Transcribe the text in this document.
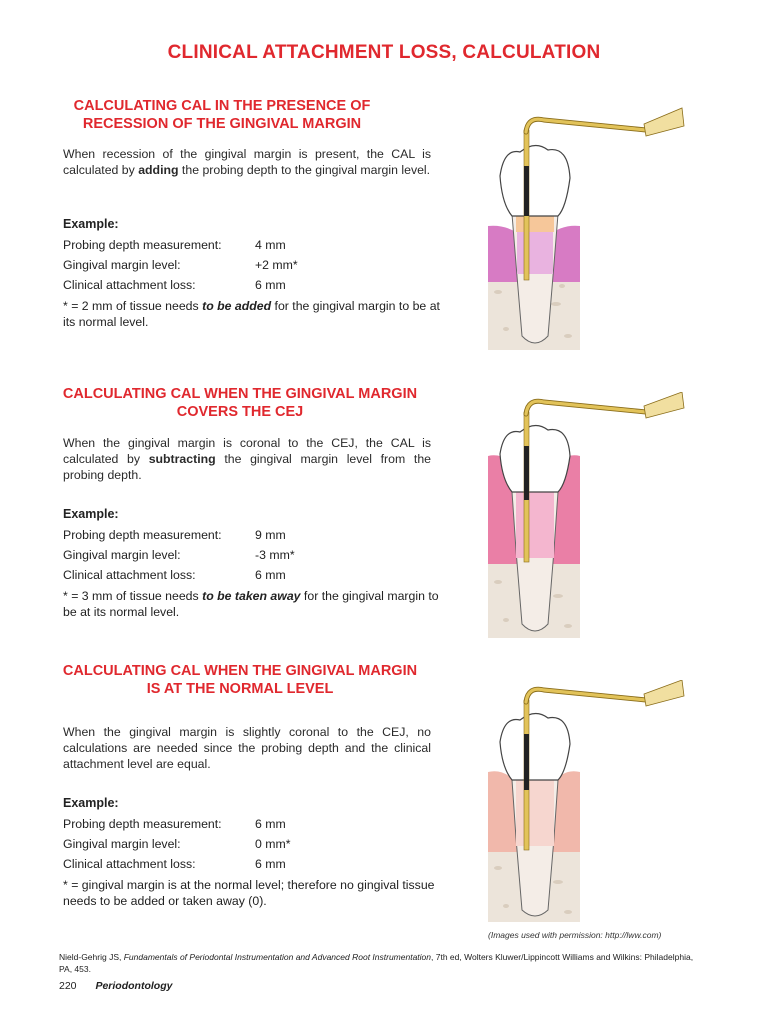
CLINICAL ATTACHMENT LOSS, CALCULATION
CALCULATING CAL IN THE PRESENCE OF
RECESSION OF THE GINGIVAL MARGIN
When recession of the gingival margin is present, the CAL is calculated by adding the probing depth to the gingival margin level.
Example:
Probing depth measurement:	4 mm
Gingival margin level:	+2 mm*
Clinical attachment loss:	6 mm
* = 2 mm of tissue needs to be added for the gingival margin to be at its normal level.
CALCULATING CAL WHEN THE GINGIVAL MARGIN
COVERS THE CEJ
When the gingival margin is coronal to the CEJ, the CAL is calculated by subtracting the gingival margin level from the probing depth.
Example:
Probing depth measurement:	9 mm
Gingival margin level:	-3 mm*
Clinical attachment loss:	6 mm
* = 3 mm of tissue needs to be taken away for the gingival margin to be at its normal level.
CALCULATING CAL WHEN THE GINGIVAL MARGIN
IS AT THE NORMAL LEVEL
When the gingival margin is slightly coronal to the CEJ, no calculations are needed since the probing depth and the clinical attachment level are equal.
Example:
Probing depth measurement:	6 mm
Gingival margin level:	0 mm*
Clinical attachment loss:	6 mm
* = gingival margin is at the normal level; therefore no gingival tissue needs to be added or taken away (0).
(Images used with permission: http://lww.com)
Nield-Gehrig JS, Fundamentals of Periodontal Instrumentation and Advanced Root Instrumentation, 7th ed, Wolters Kluwer/Lippincott Williams and Wilkins: Philadelphia, PA, 453.
220 Periodontology
